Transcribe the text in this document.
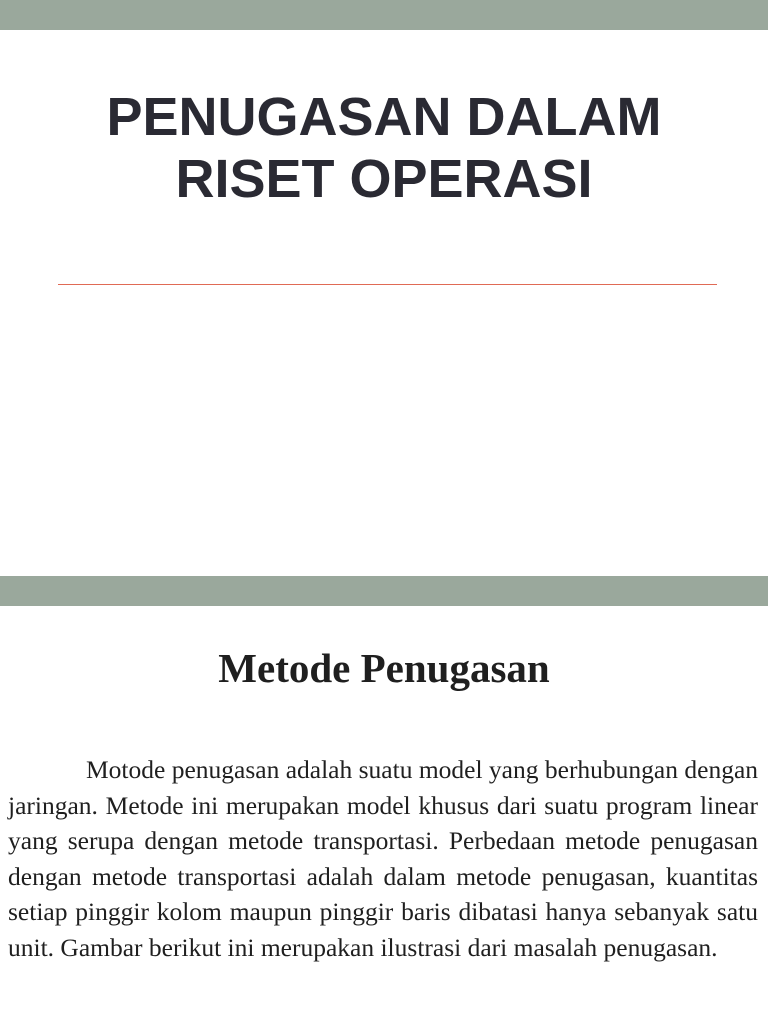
PENUGASAN DALAM
RISET OPERASI
Metode Penugasan

Motode penugasan adalah suatu model yang berhubungan dengan jaringan. Metode ini merupakan model khusus dari suatu program linear yang serupa dengan metode transportasi. Perbedaan metode penugasan dengan metode transportasi adalah dalam metode penugasan, kuantitas setiap pinggir kolom maupun pinggir baris dibatasi hanya sebanyak satu unit. Gambar berikut ini merupakan ilustrasi dari masalah penugasan.
